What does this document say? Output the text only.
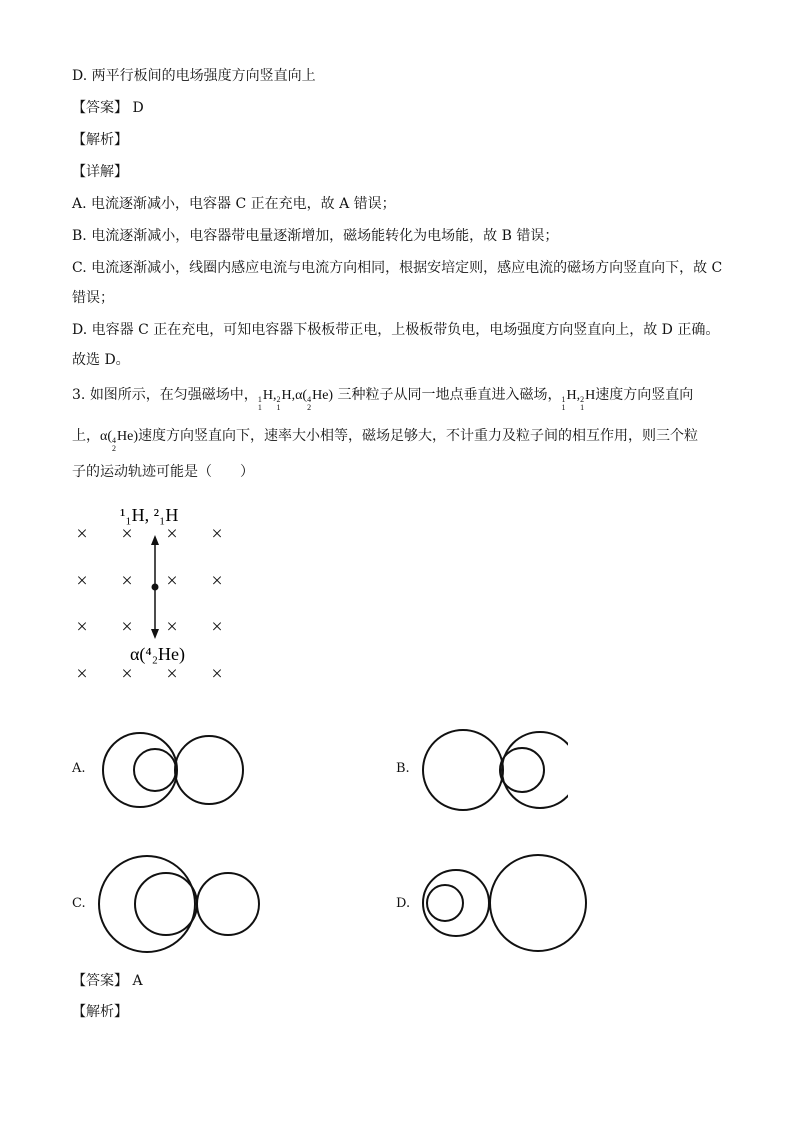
D. 两平行板间的电场强度方向竖直向上
【答案】 D
【解析】
【详解】
A. 电流逐渐减小，电容器 C 正在充电，故 A 错误；
B. 电流逐渐减小，电容器带电量逐渐增加，磁场能转化为电场能，故 B 错误；
C. 电流逐渐减小，线圈内感应电流与电流方向相同，根据安培定则，感应电流的磁场方向竖直向下，故 C
错误；
D. 电容器 C 正在充电，可知电容器下极板带正电，上极板带负电，电场强度方向竖直向上，故 D 正确。
故选 D。
3. 如图所示，在匀强磁场中， 1
1
H, 2
1
H,α( 4
2
He) 三种粒子从同一地点垂直进入磁场， 1
1
H, 2
1
H速度方向竖直向
上，α( 4
2
He)速度方向竖直向下，速率大小相等，磁场足够大，不计重力及粒子间的相互作用，则三个粒
子的运动轨迹可能是（　　）
¹₁H, ²₁H
× × × ×
× × × ×
× × × ×
× × × ×
α(⁴₂He)
A.	B.
C.	D.
【答案】 A
【解析】
